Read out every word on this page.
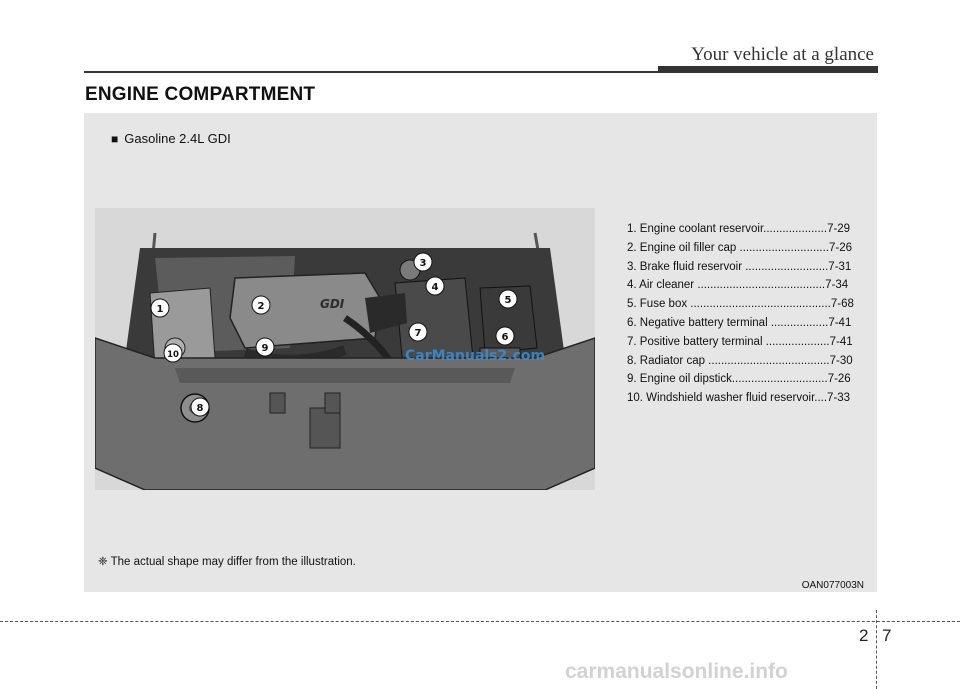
Your vehicle at a glance
ENGINE COMPARTMENT
■ Gasoline 2.4L GDI
GDI
1	2
3
4
5
6
7
8
9
10	CarManuals2.com
1. Engine coolant reservoir....................7-29
2. Engine oil filler cap ............................7-26
3. Brake fluid reservoir ..........................7-31
4. Air cleaner ........................................7-34
5. Fuse box ............................................7-68
6. Negative battery terminal ..................7-41
7. Positive battery terminal ....................7-41
8. Radiator cap ......................................7-30
9. Engine oil dipstick..............................7-26
10. Windshield washer fluid reservoir....7-33
❈ The actual shape may differ from the illustration.
OAN077003N
2 7
carmanualsonline.info
